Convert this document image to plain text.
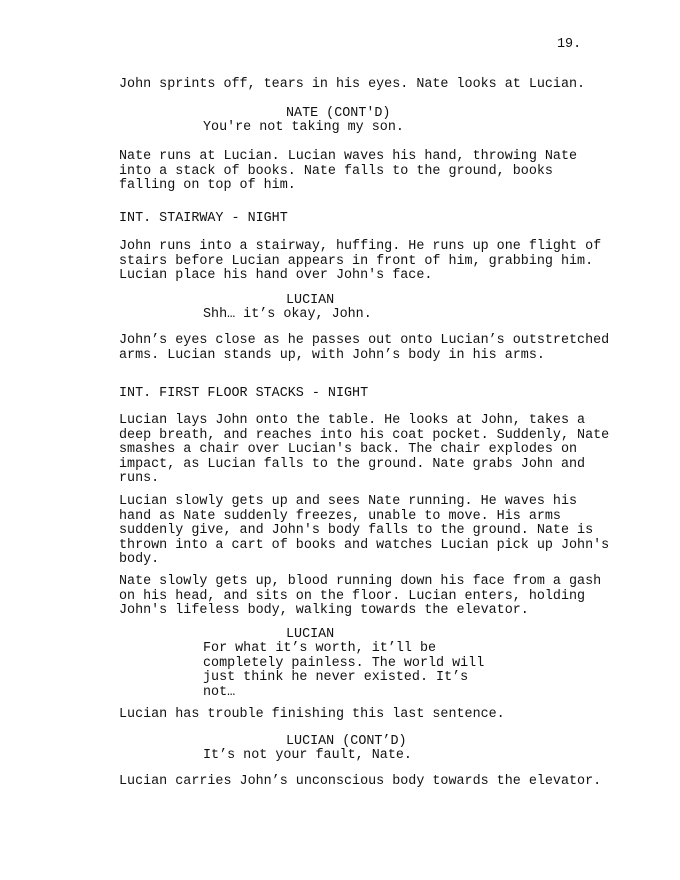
19.
John sprints off, tears in his eyes. Nate looks at Lucian.
NATE (CONT'D)
You're not taking my son.
Nate runs at Lucian. Lucian waves his hand, throwing Nate
into a stack of books. Nate falls to the ground, books
falling on top of him.
INT. STAIRWAY - NIGHT
John runs into a stairway, huffing. He runs up one flight of
stairs before Lucian appears in front of him, grabbing him.
Lucian place his hand over John's face.
LUCIAN
Shh… it’s okay, John.
John’s eyes close as he passes out onto Lucian’s outstretched
arms. Lucian stands up, with John’s body in his arms.
INT. FIRST FLOOR STACKS - NIGHT
Lucian lays John onto the table. He looks at John, takes a
deep breath, and reaches into his coat pocket. Suddenly, Nate
smashes a chair over Lucian's back. The chair explodes on
impact, as Lucian falls to the ground. Nate grabs John and
runs.
Lucian slowly gets up and sees Nate running. He waves his
hand as Nate suddenly freezes, unable to move. His arms
suddenly give, and John's body falls to the ground. Nate is
thrown into a cart of books and watches Lucian pick up John's
body.
Nate slowly gets up, blood running down his face from a gash
on his head, and sits on the floor. Lucian enters, holding
John's lifeless body, walking towards the elevator.
LUCIAN
For what it’s worth, it’ll be
completely painless. The world will
just think he never existed. It’s
not…
Lucian has trouble finishing this last sentence.
LUCIAN (CONT’D)
It’s not your fault, Nate.
Lucian carries John’s unconscious body towards the elevator.
